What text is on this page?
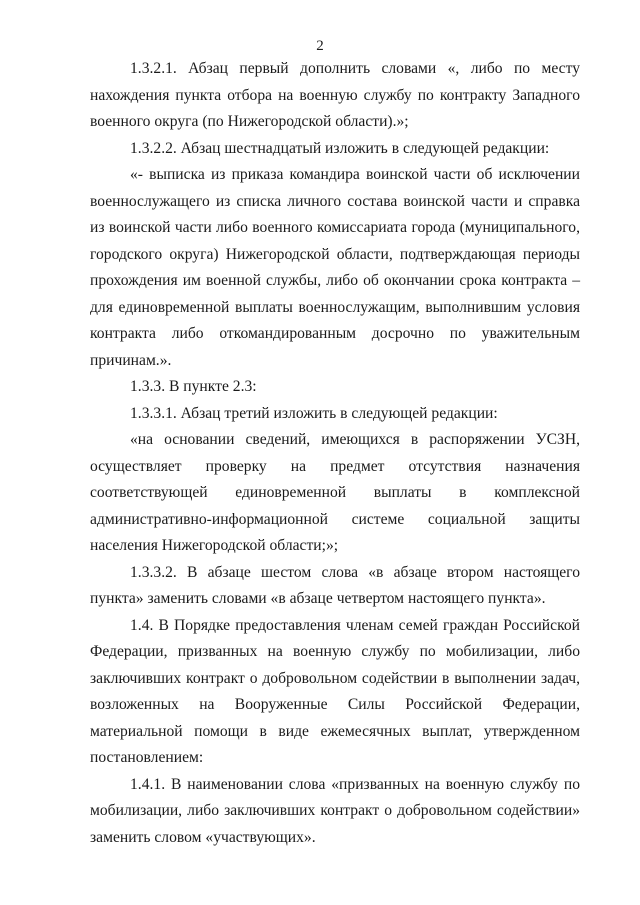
2

1.3.2.1. Абзац первый дополнить словами «, либо по месту нахождения пункта отбора на военную службу по контракту Западного военного округа (по Нижегородской области).»;

1.3.2.2. Абзац шестнадцатый изложить в следующей редакции:

«- выписка из приказа командира воинской части об исключении военнослужащего из списка личного состава воинской части и справка из воинской части либо военного комиссариата города (муниципального, городского округа) Нижегородской области, подтверждающая периоды прохождения им военной службы, либо об окончании срока контракта – для единовременной выплаты военнослужащим, выполнившим условия контракта либо откомандированным досрочно по уважительным причинам.».

1.3.3. В пункте 2.3:

1.3.3.1. Абзац третий изложить в следующей редакции:

«на основании сведений, имеющихся в распоряжении УСЗН, осуществляет проверку на предмет отсутствия назначения соответствующей единовременной выплаты в комплексной административно-информационной системе социальной защиты населения Нижегородской области;»;

1.3.3.2. В абзаце шестом слова «в абзаце втором настоящего пункта» заменить словами «в абзаце четвертом настоящего пункта».

1.4. В Порядке предоставления членам семей граждан Российской Федерации, призванных на военную службу по мобилизации, либо заключивших контракт о добровольном содействии в выполнении задач, возложенных на Вооруженные Силы Российской Федерации, материальной помощи в виде ежемесячных выплат, утвержденном постановлением:

1.4.1. В наименовании слова «призванных на военную службу по мобилизации, либо заключивших контракт о добровольном содействии» заменить словом «участвующих».
